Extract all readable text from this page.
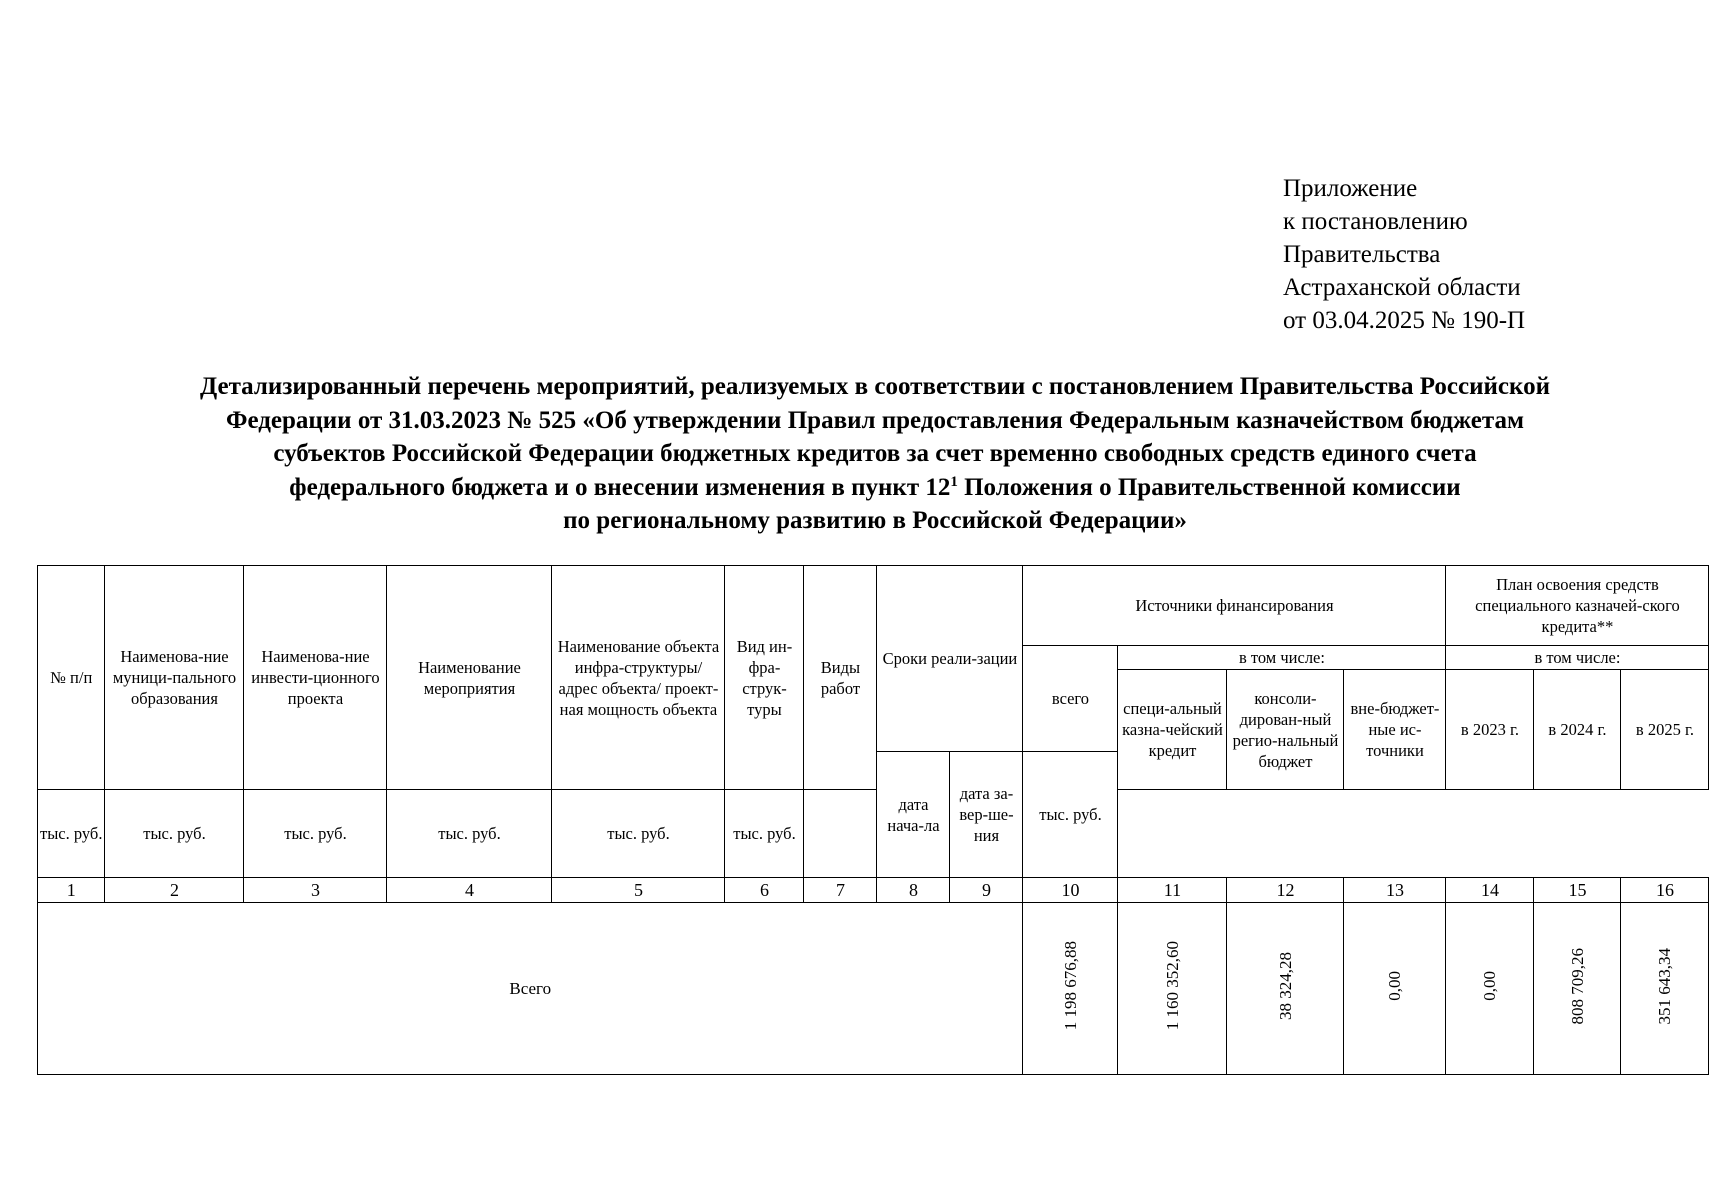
Приложение
к постановлению
Правительства
Астраханской области
от 03.04.2025 № 190-П
Детализированный перечень мероприятий, реализуемых в соответствии с постановлением Правительства Российской
Федерации от 31.03.2023 № 525 «Об утверждении Правил предоставления Федеральным казначейством бюджетам
субъектов Российской Федерации бюджетных кредитов за счет временно свободных средств единого счета
федерального бюджета и о внесении изменения в пункт $12^1$ Положения о Правительственной комиссии
по региональному развитию в Российской Федерации»
№ п/п	Наименова-ние муници-пального образования	Наименова-ние инвести-ционного проекта	Наименование мероприятия	Наименование объекта инфра-структуры/ адрес объекта/ проект-ная мощность объекта	Вид ин-фра-струк-туры	Виды работ	Сроки реали-зации		Источники финансирования				План освоения средств специального казначей-ского кредита**		
									всего	в том числе:			в том числе:		
										специ-альный казна-чейский кредит	консоли-дирован-ный регио-нальный бюджет	вне-бюджет-ные ис-точники	в 2023 г.	в 2024 г.	в 2025 г.
							дата нача-ла	дата за-вер-ше-ния	тыс. руб.						
тыс. руб.	тыс. руб.	тыс. руб.	тыс. руб.	тыс. руб.	тыс. руб.										
1	2	3	4	5	6	7	8	9	10	11	12	13	14	15	16
Всего									1 198 676,88	1 160 352,60	38 324,28	0,00	0,00	808 709,26	351 643,34
